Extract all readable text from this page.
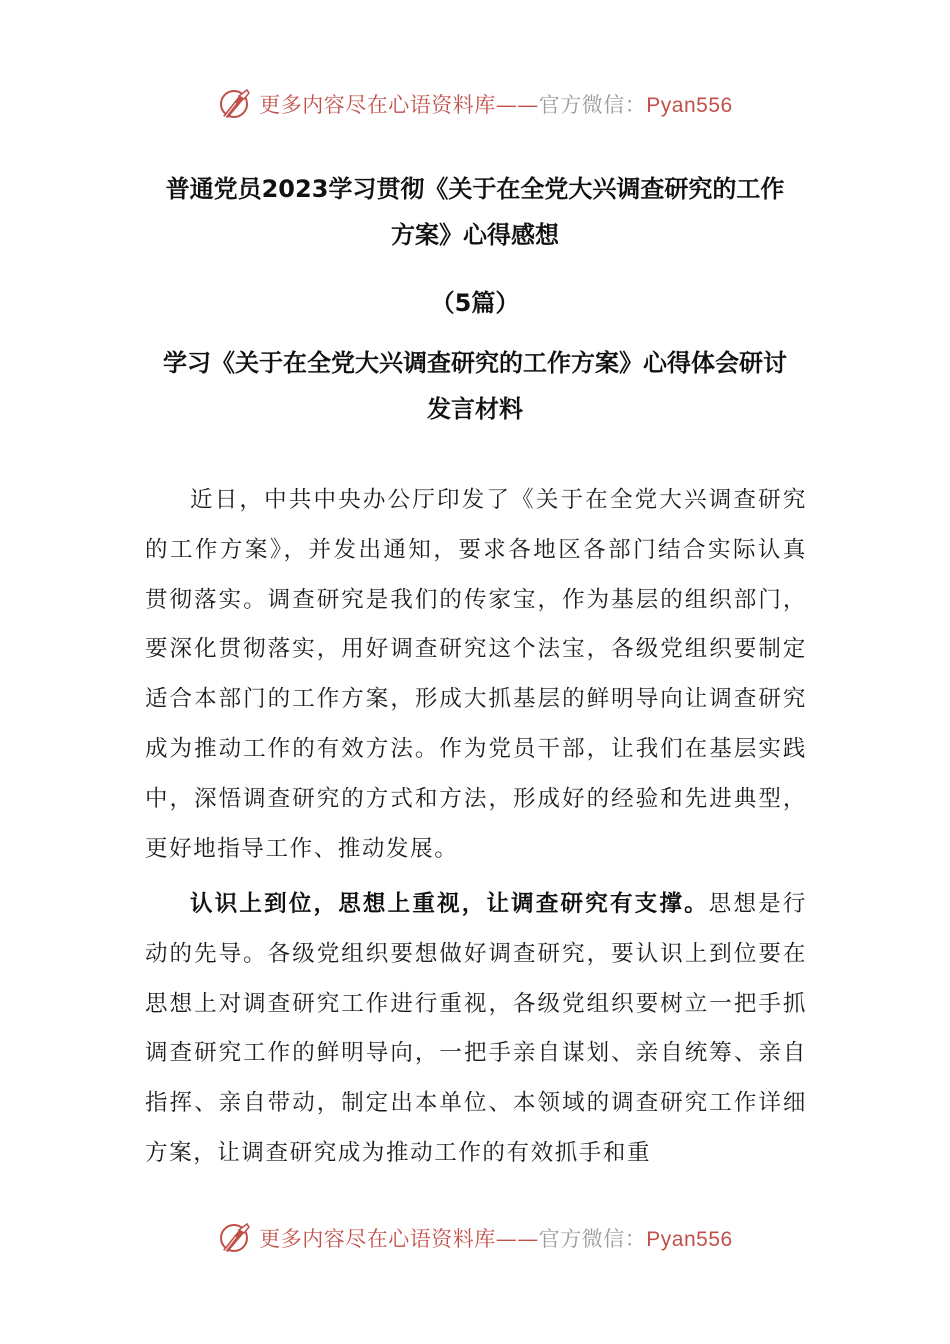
更多内容尽在心语资料库——官方微信：Pyan556
普通党员2023学习贯彻《关于在全党大兴调查研究的工作
方案》心得感想
（5篇）
学习《关于在全党大兴调查研究的工作方案》心得体会研讨
发言材料

近日，中共中央办公厅印发了《关于在全党大兴调查研究的工作方案》，并发出通知，要求各地区各部门结合实际认真贯彻落实。调查研究是我们的传家宝，作为基层的组织部门，要深化贯彻落实，用好调查研究这个法宝，各级党组织要制定适合本部门的工作方案，形成大抓基层的鲜明导向让调查研究成为推动工作的有效方法。作为党员干部，让我们在基层实践中，深悟调查研究的方式和方法，形成好的经验和先进典型，更好地指导工作、推动发展。

认识上到位，思想上重视，让调查研究有支撑。思想是行动的先导。各级党组织要想做好调查研究，要认识上到位要在思想上对调查研究工作进行重视，各级党组织要树立一把手抓调查研究工作的鲜明导向，一把手亲自谋划、亲自统筹、亲自指挥、亲自带动，制定出本单位、本领域的调查研究工作详细方案，让调查研究成为推动工作的有效抓手和重

更多内容尽在心语资料库——官方微信：Pyan556
